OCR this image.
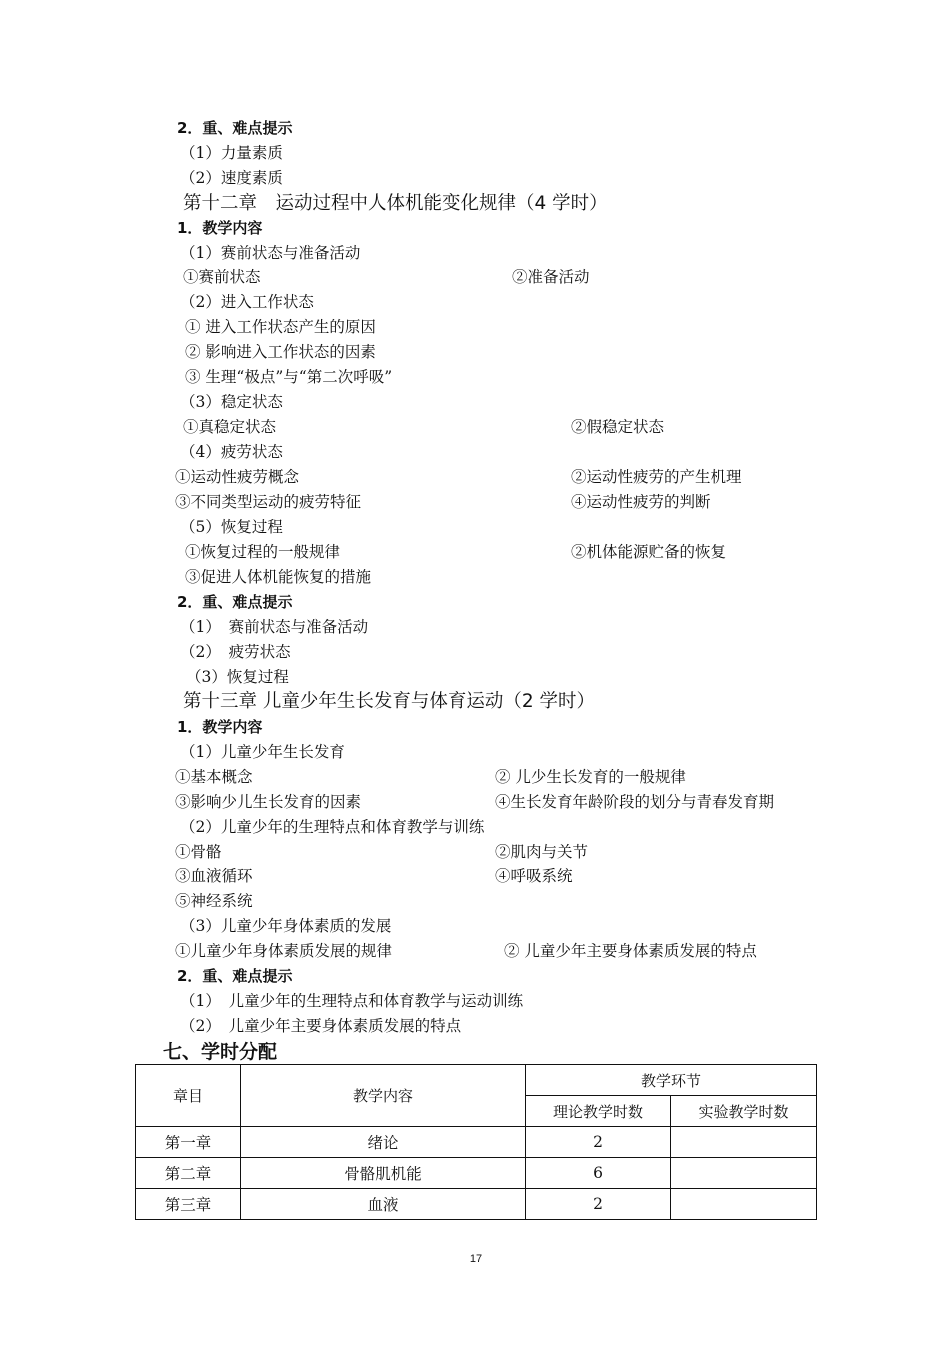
2．重、难点提示
（1）力量素质
（2）速度素质
第十二章　运动过程中人体机能变化规律（4 学时）
1．教学内容
（1）赛前状态与准备活动
①赛前状态	②准备活动
（2）进入工作状态
① 进入工作状态产生的原因
② 影响进入工作状态的因素
③ 生理“极点”与“第二次呼吸”
（3）稳定状态
①真稳定状态	②假稳定状态
（4）疲劳状态
①运动性疲劳概念	②运动性疲劳的产生机理
③不同类型运动的疲劳特征	④运动性疲劳的判断
（5）恢复过程
①恢复过程的一般规律	②机体能源贮备的恢复
③促进人体机能恢复的措施
2．重、难点提示
（1）　赛前状态与准备活动
（2）　疲劳状态
（3）恢复过程
第十三章 儿童少年生长发育与体育运动（2 学时）
1．教学内容
（1）儿童少年生长发育
①基本概念	② 儿少生长发育的一般规律
③影响少儿生长发育的因素	④生长发育年龄阶段的划分与青春发育期
（2）儿童少年的生理特点和体育教学与训练
①骨骼	②肌肉与关节
③血液循环	④呼吸系统
⑤神经系统
（3）儿童少年身体素质的发展
①儿童少年身体素质发展的规律	② 儿童少年主要身体素质发展的特点
2．重、难点提示
（1）　儿童少年的生理特点和体育教学与运动训练
（2）　儿童少年主要身体素质发展的特点
七、学时分配
章目	教学内容	教学环节	
		理论教学时数	实验教学时数
第一章	绪论	2	
第二章	骨骼肌机能	6	
第三章	血液	2	
17
